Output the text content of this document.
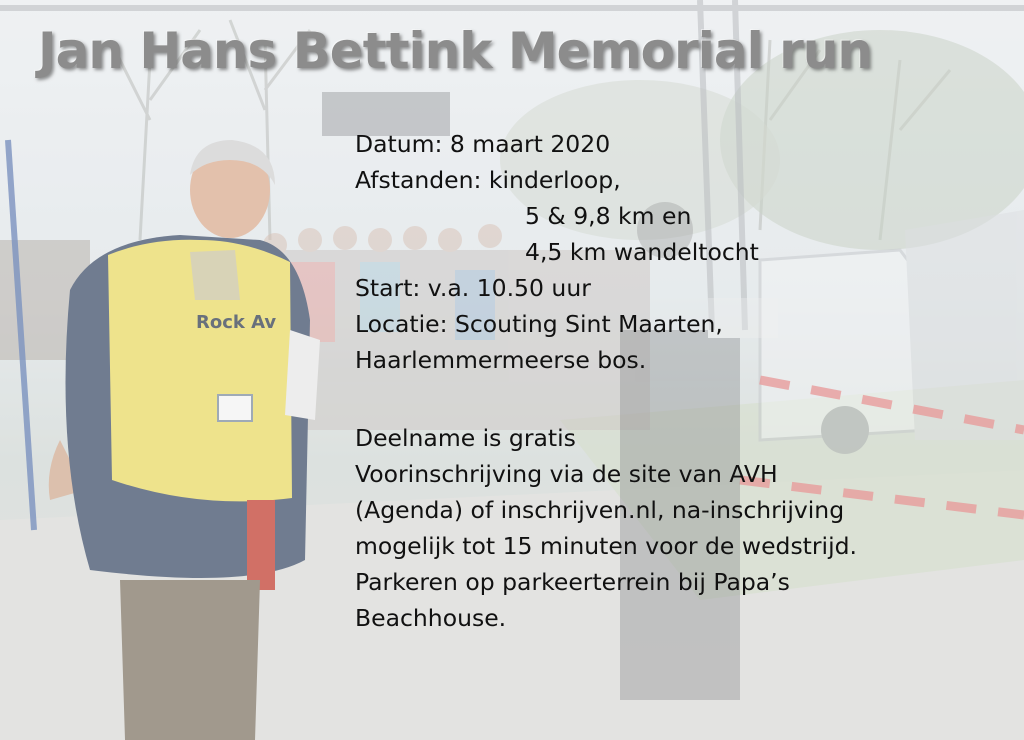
Rock Av
Jan Hans Bettink Memorial run
Datum: 8 maart 2020
Afstanden: kinderloop,
5 & 9,8 km en
4,5 km wandeltocht
Start: v.a. 10.50 uur
Locatie: Scouting Sint Maarten,
Haarlemmermeerse bos.
Deelname is gratis
Voorinschrijving via de site van AVH
(Agenda) of inschrijven.nl, na-inschrijving
mogelijk tot 15 minuten voor de wedstrijd.
Parkeren op parkeerterrein bij Papa’s
Beachhouse.
